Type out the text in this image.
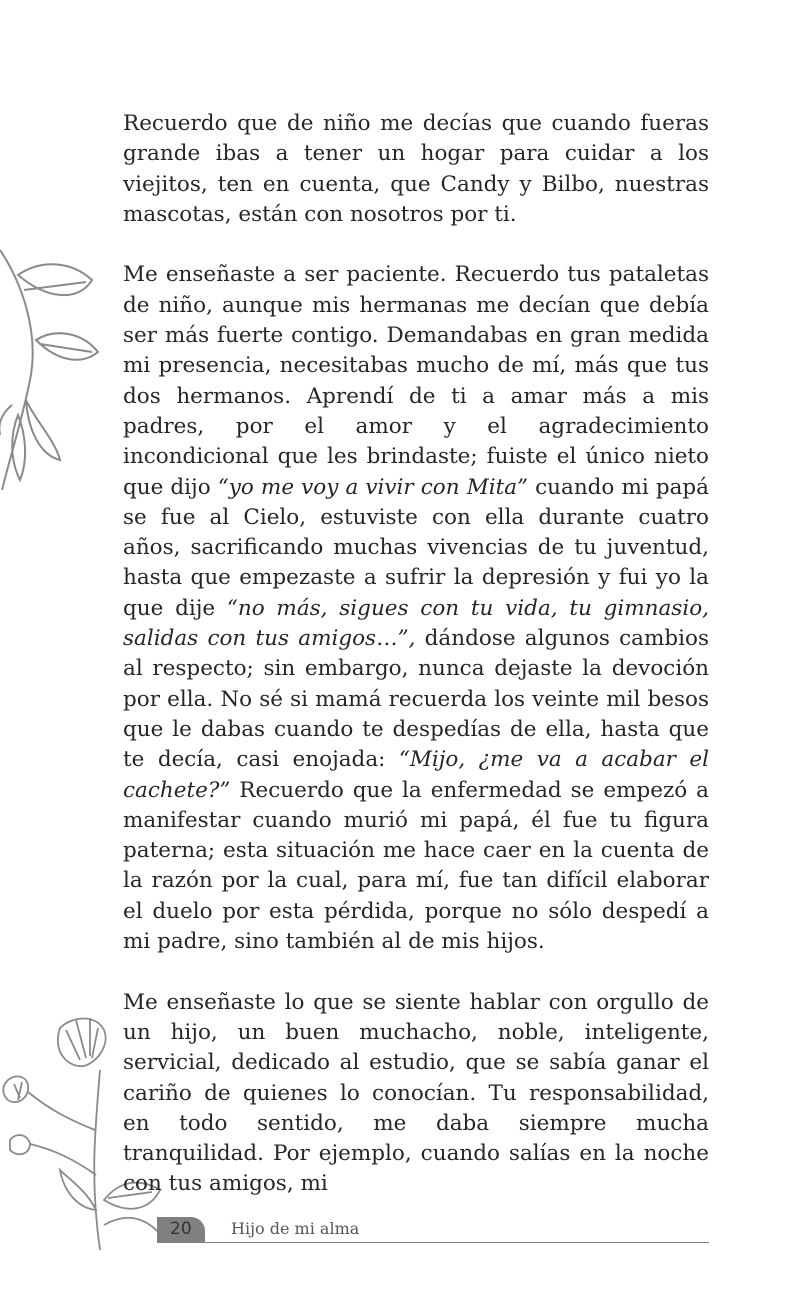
Recuerdo que de niño me decías que cuando fueras grande ibas a tener un hogar para cuidar a los viejitos, ten en cuenta, que Candy y Bilbo, nuestras mascotas, están con nosotros por ti.

Me enseñaste a ser paciente. Recuerdo tus pataletas de niño, aunque mis hermanas me decían que debía ser más fuerte contigo. Demandabas en gran medida mi presencia, necesitabas mucho de mí, más que tus dos hermanos. Aprendí de ti a amar más a mis padres, por el amor y el agradecimiento incondicional que les brindaste; fuiste el único nieto que dijo “yo me voy a vivir con Mita” cuando mi papá se fue al Cielo, estuviste con ella durante cuatro años, sacrificando muchas vivencias de tu juventud, hasta que empezaste a sufrir la depresión y fui yo la que dije “no más, sigues con tu vida, tu gimnasio, salidas con tus amigos…”, dándose algunos cambios al respecto; sin embargo, nunca dejaste la devoción por ella. No sé si mamá recuerda los veinte mil besos que le dabas cuando te despedías de ella, hasta que te decía, casi enojada: “Mijo, ¿me va a acabar el cachete?” Recuerdo que la enfermedad se empezó a manifestar cuando murió mi papá, él fue tu figura paterna; esta situación me hace caer en la cuenta de la razón por la cual, para mí, fue tan difícil elaborar el duelo por esta pérdida, porque no sólo despedí a mi padre, sino también al de mis hijos.

Me enseñaste lo que se siente hablar con orgullo de un hijo, un buen muchacho, noble, inteligente, servicial, dedicado al estudio, que se sabía ganar el cariño de quienes lo conocían. Tu responsabilidad, en todo sentido, me daba siempre mucha tranquilidad. Por ejemplo, cuando salías en la noche con tus amigos, mi

20 Hijo de mi alma
